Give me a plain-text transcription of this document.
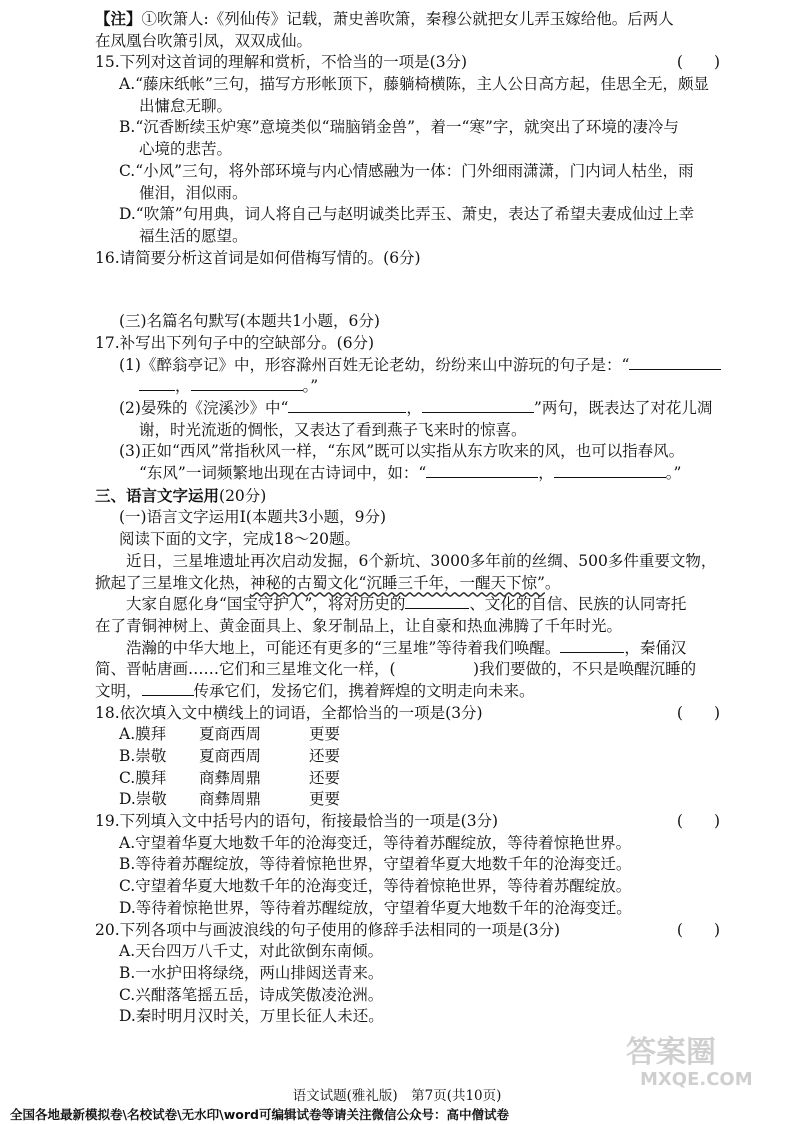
【注】①吹箫人:《列仙传》记载，萧史善吹箫，秦穆公就把女儿弄玉嫁给他。后两人
在凤凰台吹箫引凤，双双成仙。
15.下列对这首词的理解和赏析，不恰当的一项是(3分)	(　　)
A.“藤床纸帐”三句，描写方形帐顶下，藤躺椅横陈，主人公日高方起，佳思全无，颇显
出慵怠无聊。
B.“沉香断续玉炉寒”意境类似“瑞脑销金兽”，着一“寒”字，就突出了环境的凄冷与
心境的悲苦。
C.“小风”三句，将外部环境与内心情感融为一体：门外细雨潇潇，门内词人枯坐，雨
催泪，泪似雨。
D.“吹箫”句用典，词人将自己与赵明诚类比弄玉、萧史，表达了希望夫妻成仙过上幸
福生活的愿望。
16.请简要分析这首词是如何借梅写情的。(6分)
(三)名篇名句默写(本题共1小题，6分)
17.补写出下列句子中的空缺部分。(6分)
(1)《醉翁亭记》中，形容滁州百姓无论老幼，纷纷来山中游玩的句子是：“
，	。”
(2)晏殊的《浣溪沙》中“	，	”两句，既表达了对花儿凋
谢，时光流逝的惆怅，又表达了看到燕子飞来时的惊喜。
(3)正如“西风”常指秋风一样，“东风”既可以实指从东方吹来的风，也可以指春风。
“东风”一词频繁地出现在古诗词中，如：“	，	。”
三、语言文字运用(20分)
(一)语言文字运用Ⅰ(本题共3小题，9分)
阅读下面的文字，完成18～20题。
近日，三星堆遗址再次启动发掘，6个新坑、3000多年前的丝绸、500多件重要文物，
掀起了三星堆文化热，神秘的古蜀文化“沉睡三千年，一醒天下惊”。
大家自愿化身“国宝守护人”，将对历史的	、文化的自信、民族的认同寄托
在了青铜神树上、黄金面具上、象牙制品上，让自豪和热血沸腾了千年时光。
浩瀚的中华大地上，可能还有更多的“三星堆”等待着我们唤醒。	，秦俑汉
简、晋帖唐画……它们和三星堆文化一样，(　　　　　)我们要做的，不只是唤醒沉睡的
文明，	传承它们，发扬它们，携着辉煌的文明走向未来。
18.依次填入文中横线上的词语，全都恰当的一项是(3分)	(　　)
A.膜拜	夏商西周	更要
B.崇敬	夏商西周	还要
C.膜拜	商彝周鼎	还要
D.崇敬	商彝周鼎	更要
19.下列填入文中括号内的语句，衔接最恰当的一项是(3分)	(　　)
A.守望着华夏大地数千年的沧海变迁，等待着苏醒绽放，等待着惊艳世界。
B.等待着苏醒绽放，等待着惊艳世界，守望着华夏大地数千年的沧海变迁。
C.守望着华夏大地数千年的沧海变迁，等待着惊艳世界，等待着苏醒绽放。
D.等待着惊艳世界，等待着苏醒绽放，守望着华夏大地数千年的沧海变迁。
20.下列各项中与画波浪线的句子使用的修辞手法相同的一项是(3分)	(　　)
A.天台四万八千丈，对此欲倒东南倾。
B.一水护田将绿绕，两山排闼送青来。
C.兴酣落笔摇五岳，诗成笑傲凌沧洲。
D.秦时明月汉时关，万里长征人未还。
答案圈
MXQE.COM
语文试题(雅礼版)　第7页(共10页)
全国各地最新模拟卷\名校试卷\无水印\word可编辑试卷等请关注微信公众号：高中僧试卷
